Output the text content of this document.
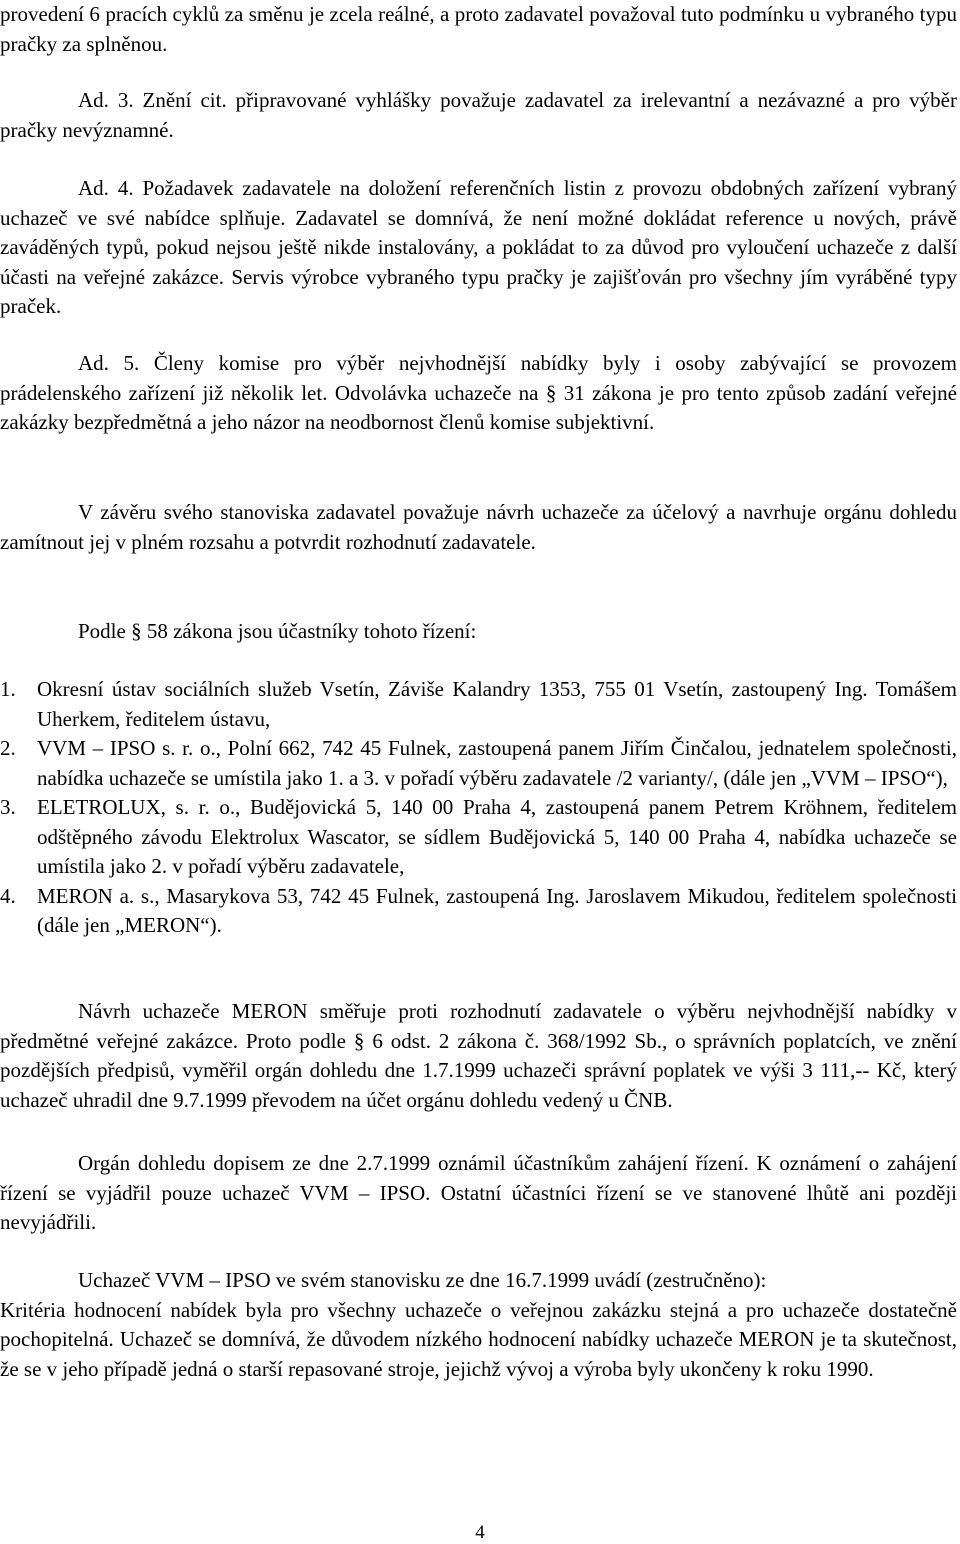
provedení 6 pracích cyklů za směnu je zcela reálné, a proto zadavatel považoval tuto podmínku u vybraného typu pračky za splněnou.

Ad. 3. Znění cit. připravované vyhlášky považuje zadavatel za irelevantní a nezávazné a pro výběr pračky nevýznamné.

Ad. 4. Požadavek zadavatele na doložení referenčních listin z provozu obdobných zařízení vybraný uchazeč ve své nabídce splňuje. Zadavatel se domnívá, že není možné dokládat reference u nových, právě zaváděných typů, pokud nejsou ještě nikde instalovány, a pokládat to za důvod pro vyloučení uchazeče z další účasti na veřejné zakázce. Servis výrobce vybraného typu pračky je zajišťován pro všechny jím vyráběné typy praček.

Ad. 5. Členy komise pro výběr nejvhodnější nabídky byly i osoby zabývající se provozem prádelenského zařízení již několik let. Odvolávka uchazeče na § 31 zákona je pro tento způsob zadání veřejné zakázky bezpředmětná a jeho názor na neodbornost členů komise subjektivní.

V závěru svého stanoviska zadavatel považuje návrh uchazeče za účelový a navrhuje orgánu dohledu zamítnout jej v plném rozsahu a potvrdit rozhodnutí zadavatele.

Podle § 58 zákona jsou účastníky tohoto řízení:

1. Okresní ústav sociálních služeb Vsetín, Záviše Kalandry 1353, 755 01 Vsetín, zastoupený Ing. Tomášem Uherkem, ředitelem ústavu,
2. VVM – IPSO s. r. o., Polní 662, 742 45 Fulnek, zastoupená panem Jiřím Činčalou, jednatelem společnosti, nabídka uchazeče se umístila jako 1. a 3. v pořadí výběru zadavatele /2 varianty/, (dále jen „VVM – IPSO“),
3. ELETROLUX, s. r. o., Budějovická 5, 140 00 Praha 4, zastoupená panem Petrem Kröhnem, ředitelem odštěpného závodu Elektrolux Wascator, se sídlem Budějovická 5, 140 00 Praha 4, nabídka uchazeče se umístila jako 2. v pořadí výběru zadavatele,
4. MERON a. s., Masarykova 53, 742 45 Fulnek, zastoupená Ing. Jaroslavem Mikudou, ředitelem společnosti (dále jen „MERON“).

Návrh uchazeče MERON směřuje proti rozhodnutí zadavatele o výběru nejvhodnější nabídky v předmětné veřejné zakázce. Proto podle § 6 odst. 2 zákona č. 368/1992 Sb., o správních poplatcích, ve znění pozdějších předpisů, vyměřil orgán dohledu dne 1.7.1999 uchazeči správní poplatek ve výši 3 111,-- Kč, který uchazeč uhradil dne 9.7.1999 převodem na účet orgánu dohledu vedený u ČNB.

Orgán dohledu dopisem ze dne 2.7.1999 oznámil účastníkům zahájení řízení. K oznámení o zahájení řízení se vyjádřil pouze uchazeč VVM – IPSO. Ostatní účastníci řízení se ve stanovené lhůtě ani později nevyjádřili.

Uchazeč VVM – IPSO ve svém stanovisku ze dne 16.7.1999 uvádí (zestručněno):

Kritéria hodnocení nabídek byla pro všechny uchazeče o veřejnou zakázku stejná a pro uchazeče dostatečně pochopitelná. Uchazeč se domnívá, že důvodem nízkého hodnocení nabídky uchazeče MERON je ta skutečnost, že se v jeho případě jedná o starší repasované stroje, jejichž vývoj a výroba byly ukončeny k roku 1990.

4
